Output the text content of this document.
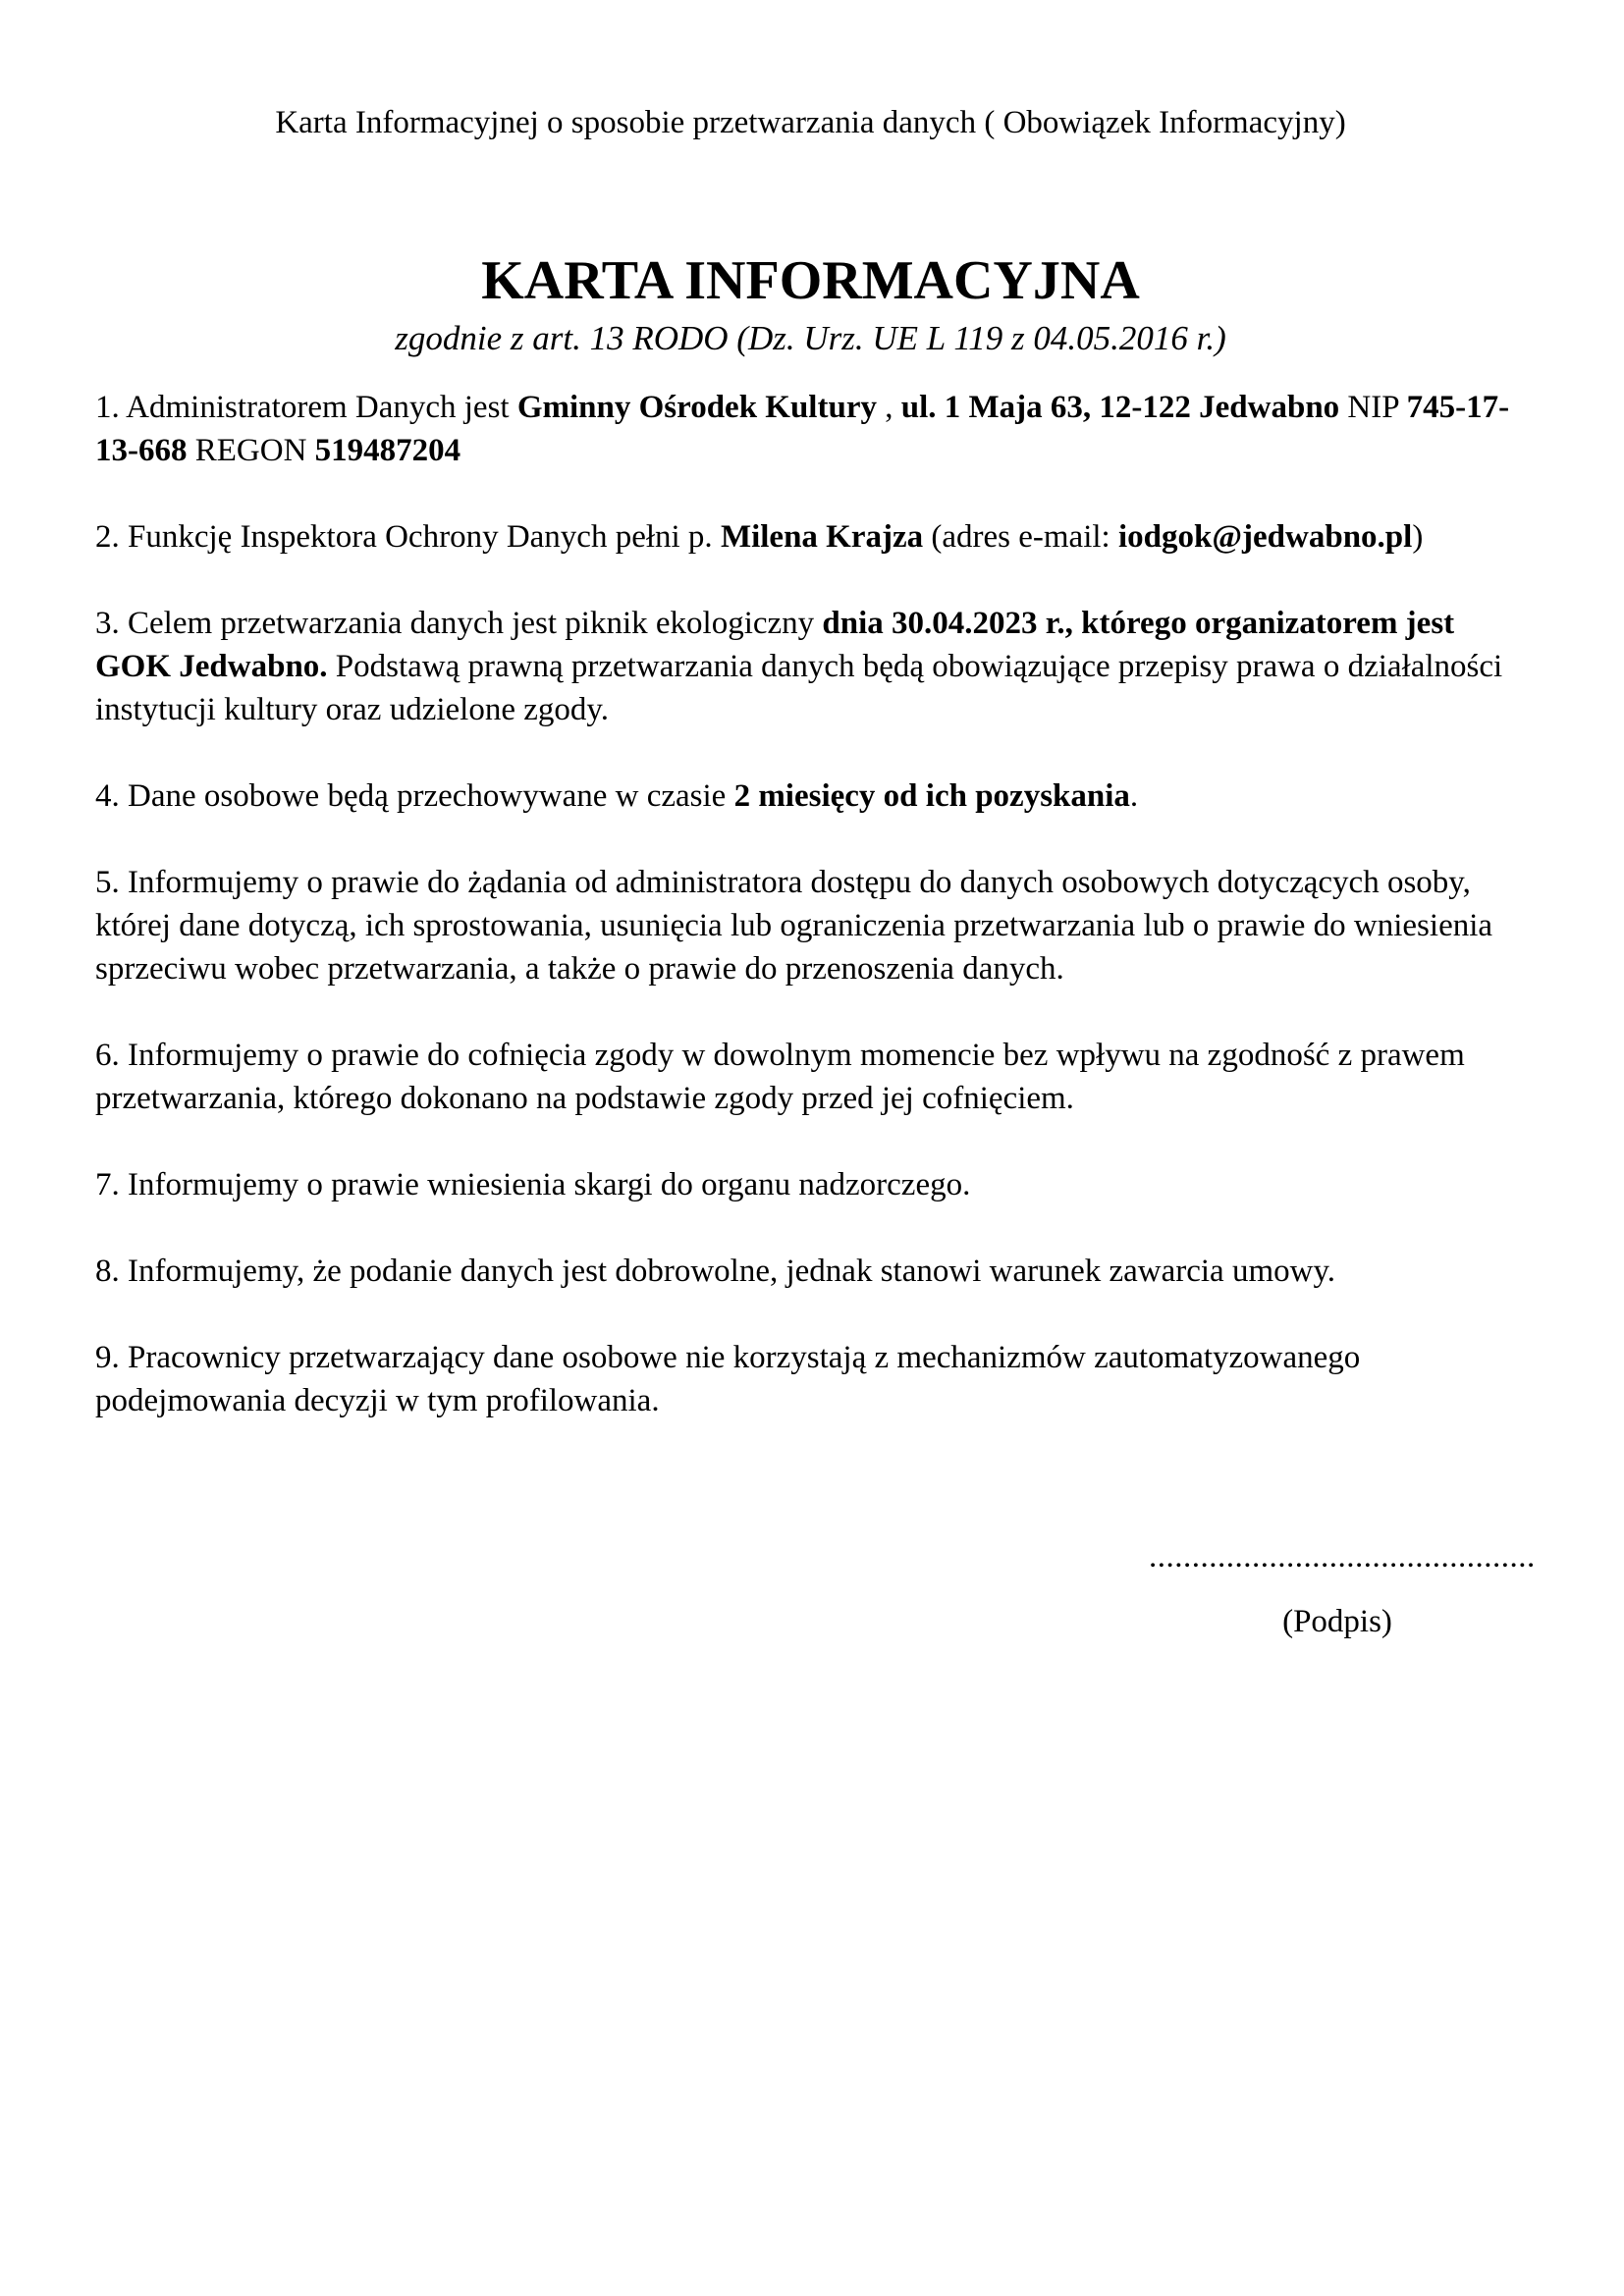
Karta Informacyjnej o sposobie przetwarzania danych ( Obowiązek Informacyjny)
KARTA INFORMACYJNA
zgodnie z art. 13 RODO (Dz. Urz. UE L 119 z 04.05.2016 r.)

1. Administratorem Danych jest Gminny Ośrodek Kultury , ul. 1 Maja 63, 12-122 Jedwabno NIP 745-17-13-668 REGON 519487204

2. Funkcję Inspektora Ochrony Danych pełni p. Milena Krajza (adres e-mail: iodgok@jedwabno.pl)

3. Celem przetwarzania danych jest piknik ekologiczny dnia 30.04.2023 r., którego organizatorem jest GOK Jedwabno. Podstawą prawną przetwarzania danych będą obowiązujące przepisy prawa o działalności instytucji kultury oraz udzielone zgody.

4. Dane osobowe będą przechowywane w czasie 2 miesięcy od ich pozyskania.

5. Informujemy o prawie do żądania od administratora dostępu do danych osobowych dotyczących osoby, której dane dotyczą, ich sprostowania, usunięcia lub ograniczenia przetwarzania lub o prawie do wniesienia sprzeciwu wobec przetwarzania, a także o prawie do przenoszenia danych.

6. Informujemy o prawie do cofnięcia zgody w dowolnym momencie bez wpływu na zgodność z prawem przetwarzania, którego dokonano na podstawie zgody przed jej cofnięciem.

7. Informujemy o prawie wniesienia skargi do organu nadzorczego.

8. Informujemy, że podanie danych jest dobrowolne, jednak stanowi warunek zawarcia umowy.

9. Pracownicy przetwarzający dane osobowe nie korzystają z mechanizmów zautomatyzowanego podejmowania decyzji w tym profilowania.

.............................................
(Podpis)
